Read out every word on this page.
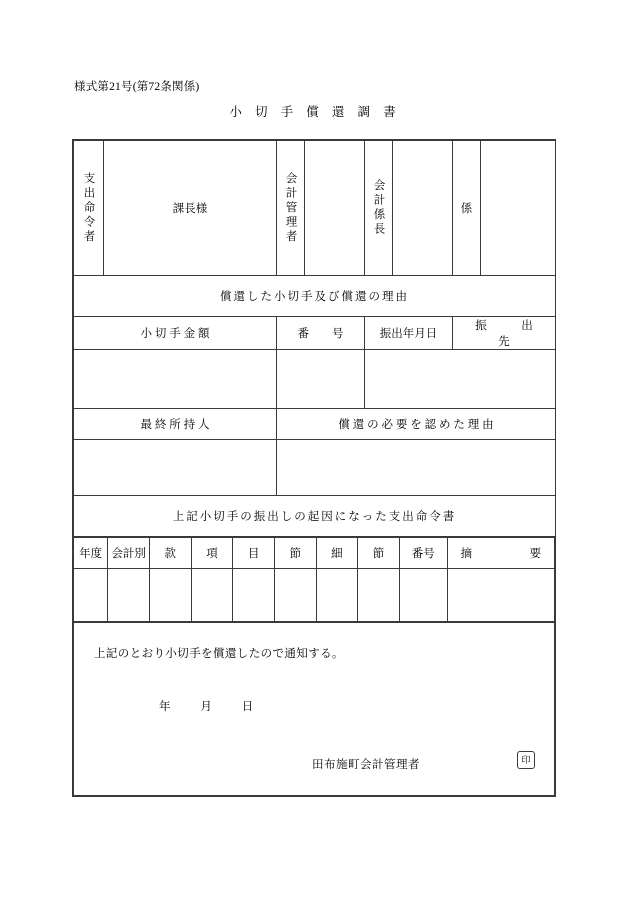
様式第21号(第72条関係)
小 切 手 償 還 調 書
支出命令者	課長様	会計管理者		会計係長		係	
償還した小切手及び償還の理由							
小 切 手 金 額		番　　号		振出年月日		振　　　出　　　先	

最 終 所 持 人		償 還 の 必 要 を 認 め た 理 由					

上記小切手の振出しの起因になった支出命令書							
年度	会計別	款	項	目	節	細	節	番号	摘　　　　　要

上記のとおり小切手を償還したので通知する。
年	月	日
田布施町会計管理者	印
